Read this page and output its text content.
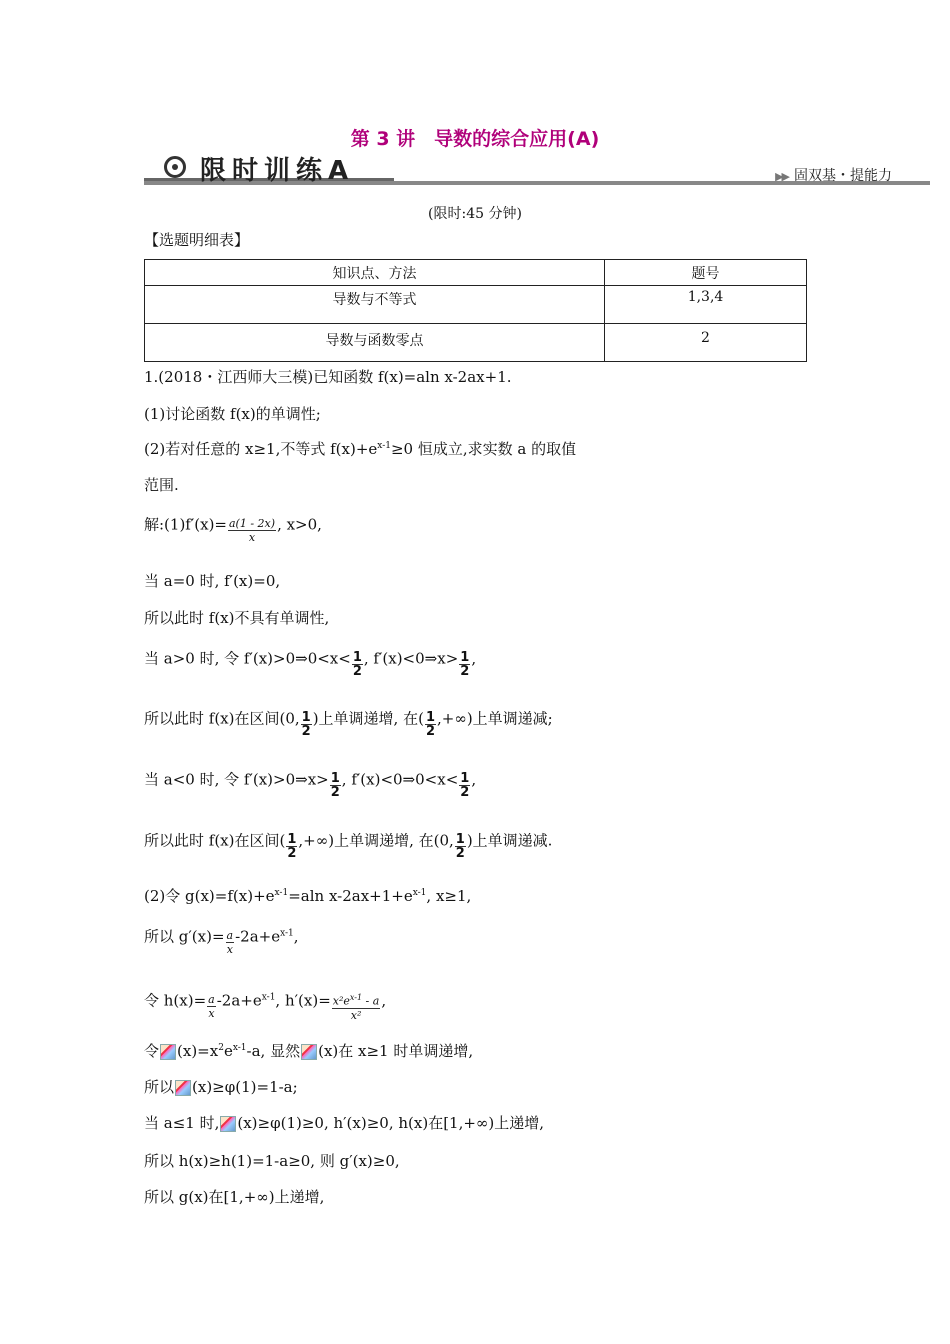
第 3 讲　导数的综合应用(A)
限时训练A	▶▶ 固双基・提能力
(限时:45 分钟)
【选题明细表】
知识点、方法	题号
导数与不等式	1,3,4
导数与函数零点	2
1.(2018・江西师大三模)已知函数 f(x)=aln x-2ax+1.
(1)讨论函数 f(x)的单调性;
(2)若对任意的 x≥1,不等式 $f(x)+e^{x-1}\ge 0$ 恒成立,求实数 a 的取值
范围.
解:(1)f′(x)= $\frac{a(1 - 2x)}{x}$ , x>0,
当 a=0 时, f′(x)=0,
所以此时 f(x)不具有单调性,
当 a>0 时, 令 f′(x)>0⇒0<x< $\frac{1}{2}$ , f′(x)<0⇒x> $\frac{1}{2}$ ,
所以此时 f(x)在区间(0, $\frac{1}{2}$ )上单调递增, 在( $\frac{1}{2}$ ,+∞)上单调递减;
当 a<0 时, 令 f′(x)>0⇒x> $\frac{1}{2}$ , f′(x)<0⇒0<x< $\frac{1}{2}$ ,
所以此时 f(x)在区间( $\frac{1}{2}$ ,+∞)上单调递增, 在(0, $\frac{1}{2}$ )上单调递减.
(2)令 $g(x)=f(x)+e^{x-1}=aln$ $x-2ax+1+e^{x-1}$, x≥1,
所以 $g'(x)= \frac{a}{x} -2a+e^{x-1}$,
令 $h(x)= \frac{a}{x} -2a+e^{x-1}$, $h'(x)= \frac{x^2e^{x-1} - a}{\text{x²}}$ ,
令 $(x)=x^2e^{x-1}-a$, 显然 (x)在 x≥1 时单调递增,
所以 (x)≥φ(1)=1-a;
当 a≤1 时, (x)≥φ(1)≥0, h′(x)≥0, h(x)在[1,+∞)上递增,
所以 h(x)≥h(1)=1-a≥0, 则 g′(x)≥0,
所以 g(x)在[1,+∞)上递增,
